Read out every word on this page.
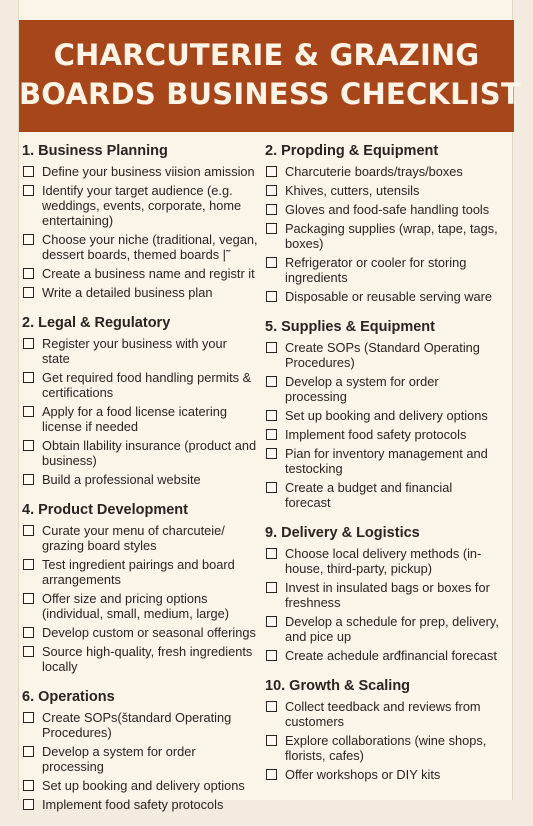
CHARCUTERIE & GRAZING
BOARDS BUSINESS CHECKLIST
1. Business Planning
Define your business viision amission
Identify your target audience (e.g. weddings, events, corporate, home entertaining)
Choose your niche (traditional, vegan, dessert boards, themed boards |̃
Create a business name and registr it
Write a detailed business plan
2. Legal & Regulatory
Register your business with your state
Get required food handling permits & certifications
Apply for a food license icatering license if needed
Obtain llability insurance (product and business)
Build a professional website
4. Product Development
Curate your menu of charcuteie/ grazing board styles
Test ingredient pairings and board arrangements
Offer size and pricing options (individual, small, medium, large)
Develop custom or seasonal offerings
Source high-quality, fresh ingredients locally
6. Operations
Create SOPs(štandard Operating Procedures)
Develop a system for order processing
Set up booking and delivery options
Implement food safety protocols
2. Propding & Equipment
Charcuterie boards/trays/boxes
Khives, cutters, utensils
Gloves and food-safe handling tools
Packaging supplies (wrap, tape, tags, boxes)
Refrigerator or cooler for storing ingredients
Disposable or reusable serving ware
5. Supplies & Equipment
Create SOPs (Standard Operating Procedures)
Develop a system for order processing
Set up booking and delivery options
Implement food safety protocols
Pian for inventory management and testocking
Create a budget and financial forecast
9. Delivery & Logistics
Choose local delivery methods (in-house, third-party, pickup)
Invest in insulated bags or boxes for freshness
Develop a schedule for prep, delivery, and pice up
Create achedule arđfinancial forecast
10. Growth & Scaling
Collect teedback and reviews from customers
Explore collaborations (wine shops, florists, cafes)
Offer workshops or DIY kits
